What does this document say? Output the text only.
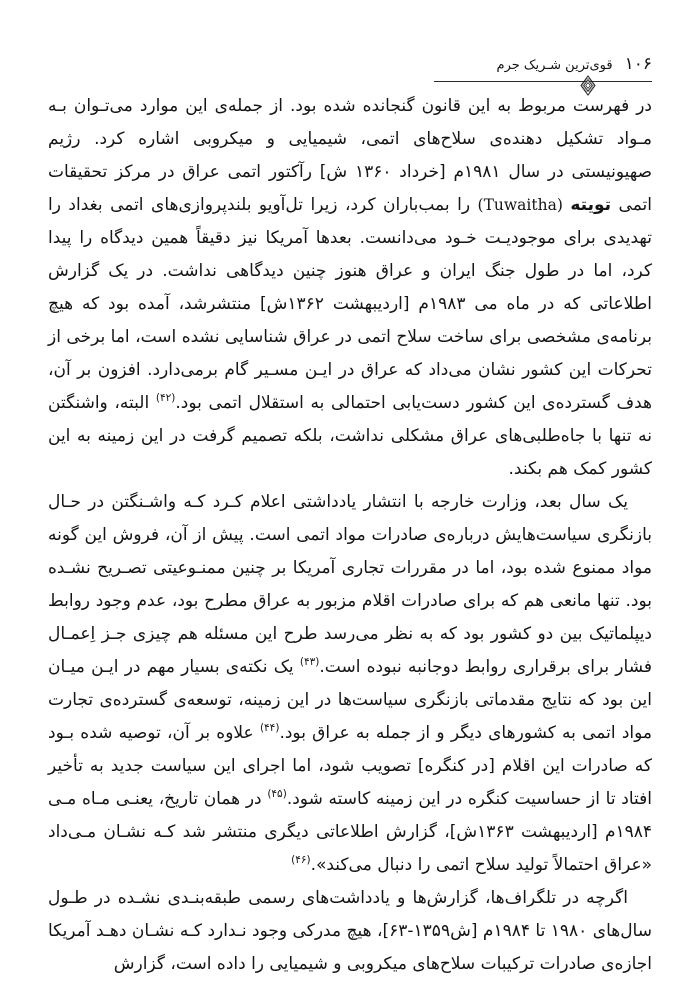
۱۰۶
قوی‌ترین شـریک جرم

در فهرست مربوط به این قانون گنجانده شده بود. از جمله‌ی این موارد می‌تـوان بـه مـواد تشکیل دهنده‌ی سلاح‌های اتمی، شیمیایی و میکروبی اشاره کرد. رژیم صهیونیستی در سال ۱۹۸۱م [خرداد ۱۳۶۰ ش] رآکتور اتمی عراق در مرکز تحقیقات اتمی تویته (Tuwaitha) را بمب‌باران کرد، زیرا تل‌آویو بلندپروازی‌های اتمی بغداد را تهدیدی برای موجودیـت خـود می‌دانست. بعدها آمریکا نیز دقیقاً همین دیدگاه را پیدا کرد، اما در طول جنگ ایران و عراق هنوز چنین دیدگاهی نداشت. در یک گزارش اطلاعاتی که در ماه می ۱۹۸۳م [اردیبهشت ۱۳۶۲ش] منتشرشد، آمده بود که هیچ برنامه‌ی مشخصی برای ساخت سلاح اتمی در عراق شناسایی نشده است، اما برخی از تحرکات این کشور نشان می‌داد که عراق در ایـن مسـیر گام برمی‌دارد. افزون بر آن، هدف گسترده‌ی این کشور دست‌یابی احتمالی به استقلال اتمی بود.$^{(۴۲)}$ البته، واشنگتن نه تنها با جاه‌طلبی‌های عراق مشکلی نداشت، بلکه تصمیم گرفت در این زمینه به این کشور کمک هم بکند.

یک سال بعد، وزارت خارجه با انتشار یادداشتی اعلام کـرد کـه واشـنگتن در حـال بازنگری سیاست‌هایش درباره‌ی صادرات مواد اتمی است. پیش از آن، فروش این گونه مواد ممنوع شده بود، اما در مقررات تجاری آمریکا بر چنین ممنـوعیتی تصـریح نشـده بود. تنها مانعی هم که برای صادرات اقلام مزبور به عراق مطرح بود، عدم وجود روابط دیپلماتیک بین دو کشور بود که به نظر می‌رسد طرح این مسئله هم چیزی جـز اِعمـال فشار برای برقراری روابط دوجانبه نبوده است.$^{(۴۳)}$ یک نکته‌ی بسیار مهم در ایـن میـان این بود که نتایج مقدماتی بازنگری سیاست‌ها در این زمینه، توسعه‌ی گسترده‌ی تجارت مواد اتمی به کشورهای دیگر و از جمله به عراق بود.$^{(۴۴)}$ علاوه بر آن، توصیه شده بـود که صادرات این اقلام [در کنگره] تصویب شود، اما اجرای این سیاست جدید به تأخیر افتاد تا از حساسیت کنگره در این زمینه کاسته شود.$^{(۴۵)}$ در همان تاریخ، یعنـی مـاه مـی ۱۹۸۴م [اردیبهشت ۱۳۶۳ش]، گزارش اطلاعاتی دیگری منتشر شد کـه نشـان مـی‌داد «عراق احتمالاً تولید سلاح اتمی را دنبال می‌کند».$^{(۴۶)}$

اگرچه در تلگراف‌ها، گزارش‌ها و یادداشت‌های رسمی طبقه‌بنـدی نشـده در طـول سال‌های ۱۹۸۰ تا ۱۹۸۴م [ش۱۳۵۹-۶۳]، هیچ مدرکی وجود نـدارد کـه نشـان دهـد آمریکا اجازه‌ی صادرات ترکیبات سلاح‌های میکروبی و شیمیایی را داده است، گزارش
